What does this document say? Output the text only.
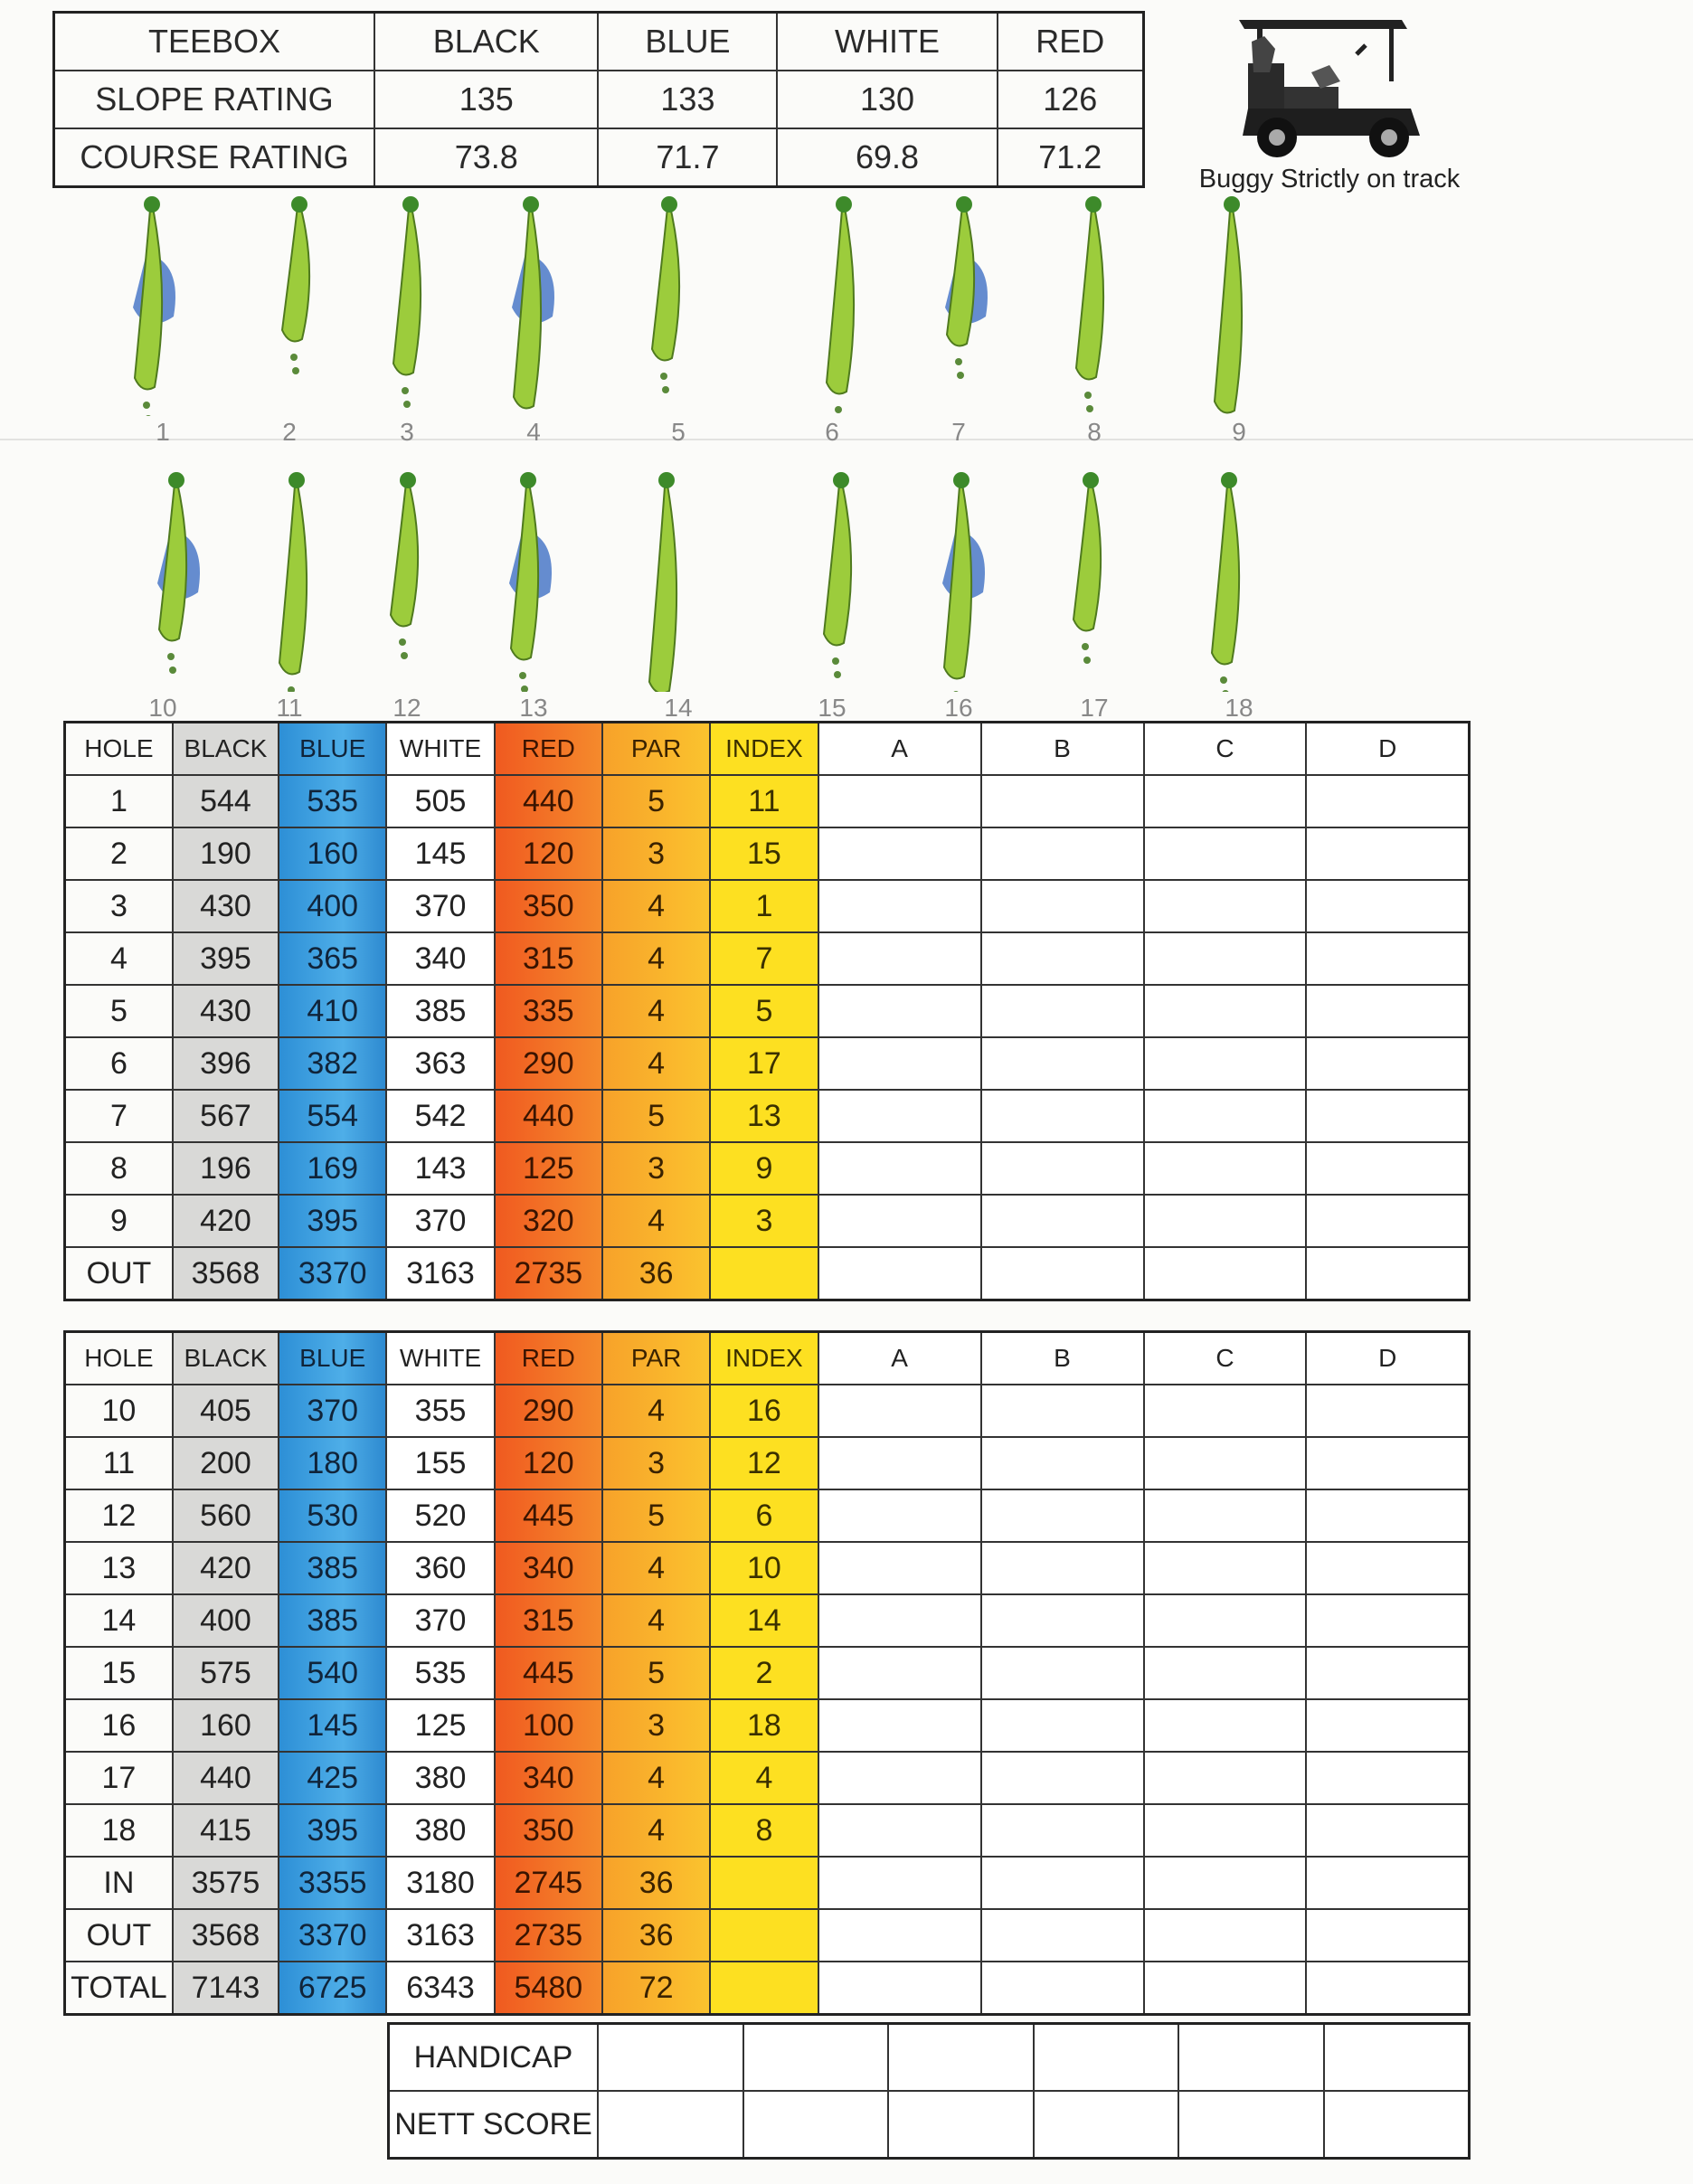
TEEBOX	BLACK	BLUE	WHITE	RED
SLOPE RATING	135	133	130	126
COURSE RATING	73.8	71.7	69.8	71.2
Buggy Strictly on track
1	2	3	4	5	6	7	8	9
10	11	12	13	14	15	16	17	18
HOLE	BLACK	BLUE	WHITE	RED	PAR	INDEX	A	B	C	D
1	544	535	505	440	5	11				
2	190	160	145	120	3	15				
3	430	400	370	350	4	1				
4	395	365	340	315	4	7				
5	430	410	385	335	4	5				
6	396	382	363	290	4	17				
7	567	554	542	440	5	13				
8	196	169	143	125	3	9				
9	420	395	370	320	4	3				
OUT	3568	3370	3163	2735	36					
HOLE	BLACK	BLUE	WHITE	RED	PAR	INDEX	A	B	C	D
10	405	370	355	290	4	16				
11	200	180	155	120	3	12				
12	560	530	520	445	5	6				
13	420	385	360	340	4	10				
14	400	385	370	315	4	14				
15	575	540	535	445	5	2				
16	160	145	125	100	3	18				
17	440	425	380	340	4	4				
18	415	395	380	350	4	8				
IN	3575	3355	3180	2745	36					
OUT	3568	3370	3163	2735	36					
TOTAL	7143	6725	6343	5480	72					
HANDICAP						
NETT SCORE						
